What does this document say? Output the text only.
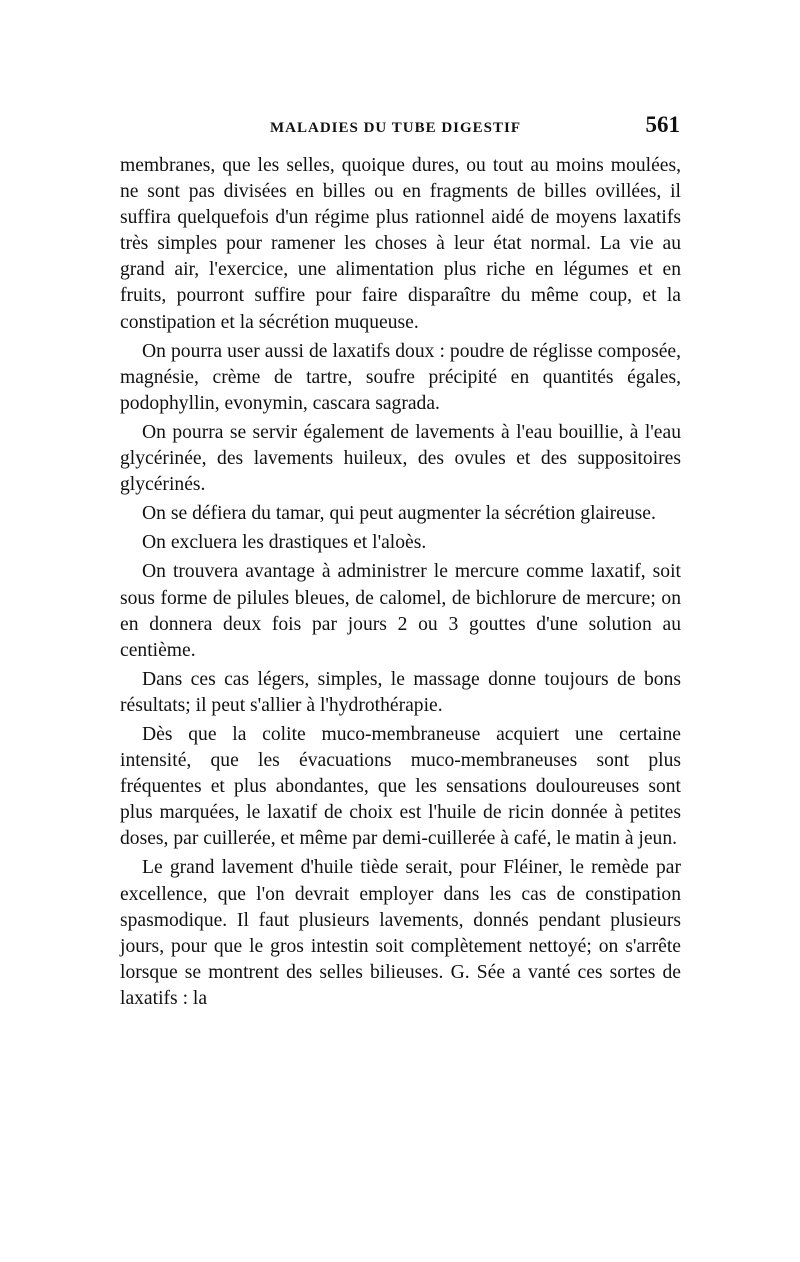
MALADIES DU TUBE DIGESTIF	561

membranes, que les selles, quoique dures, ou tout au moins moulées, ne sont pas divisées en billes ou en fragments de billes ovillées, il suffira quelquefois d'un régime plus rationnel aidé de moyens laxatifs très simples pour ramener les choses à leur état normal. La vie au grand air, l'exercice, une alimentation plus riche en légumes et en fruits, pourront suffire pour faire disparaître du même coup, et la constipation et la sécrétion muqueuse.

On pourra user aussi de laxatifs doux : poudre de réglisse composée, magnésie, crème de tartre, soufre précipité en quantités égales, podophyllin, evonymin, cascara sagrada.

On pourra se servir également de lavements à l'eau bouillie, à l'eau glycérinée, des lavements huileux, des ovules et des suppositoires glycérinés.

On se défiera du tamar, qui peut augmenter la sécrétion glaireuse.

On excluera les drastiques et l'aloès.

On trouvera avantage à administrer le mercure comme laxatif, soit sous forme de pilules bleues, de calomel, de bichlorure de mercure; on en donnera deux fois par jours 2 ou 3 gouttes d'une solution au centième.

Dans ces cas légers, simples, le massage donne toujours de bons résultats; il peut s'allier à l'hydrothérapie.

Dès que la colite muco-membraneuse acquiert une certaine intensité, que les évacuations muco-membraneuses sont plus fréquentes et plus abondantes, que les sensations douloureuses sont plus marquées, le laxatif de choix est l'huile de ricin donnée à petites doses, par cuillerée, et même par demi-cuillerée à café, le matin à jeun.

Le grand lavement d'huile tiède serait, pour Fléiner, le remède par excellence, que l'on devrait employer dans les cas de constipation spasmodique. Il faut plusieurs lavements, donnés pendant plusieurs jours, pour que le gros intestin soit complètement nettoyé; on s'arrête lorsque se montrent des selles bilieuses. G. Sée a vanté ces sortes de laxatifs : la
